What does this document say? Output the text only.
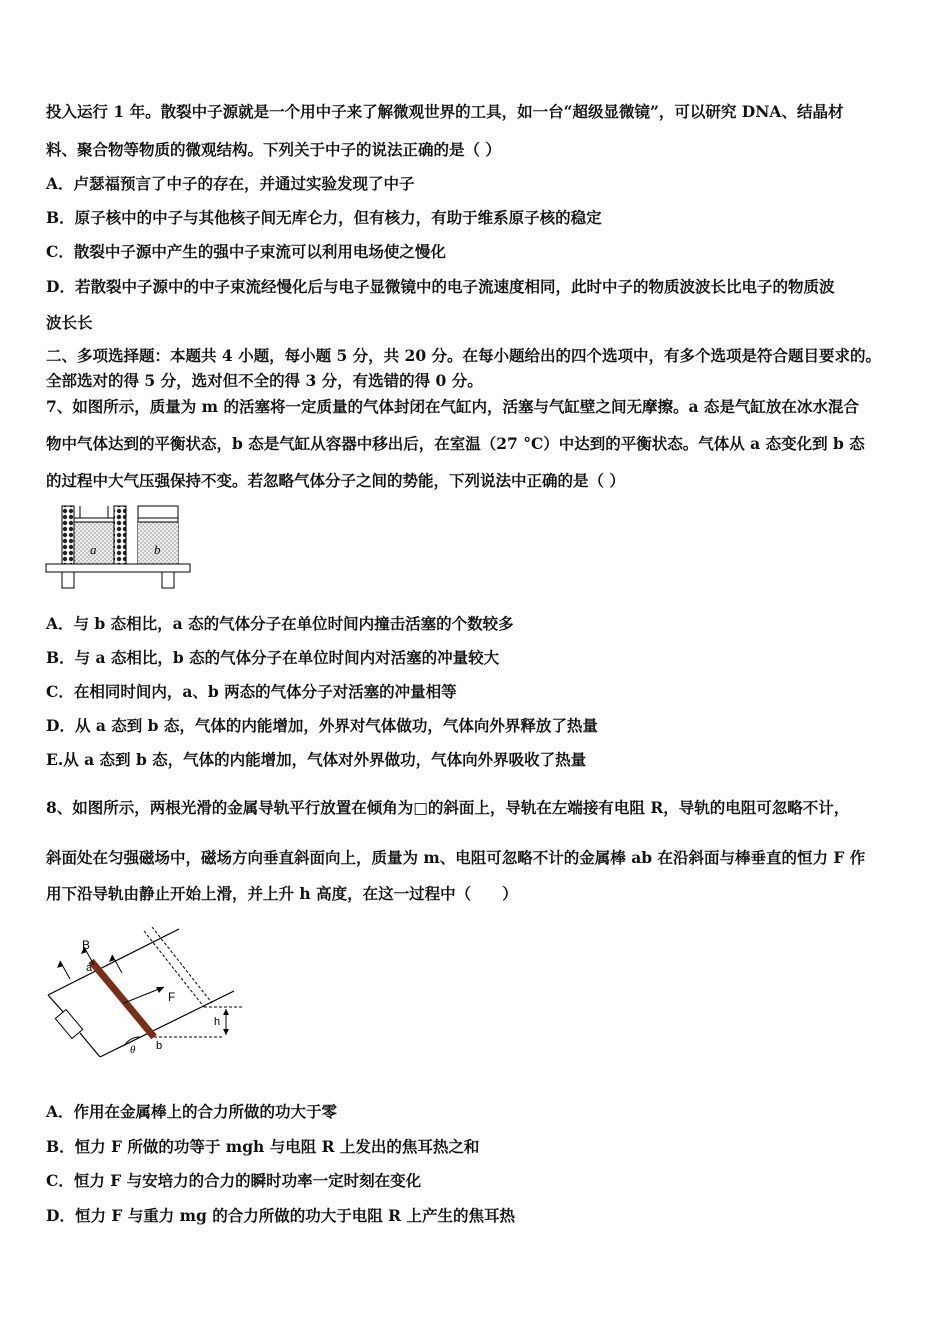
投入运行 1 年。散裂中子源就是一个用中子来了解微观世界的工具，如一台“超级显微镜”，可以研究 DNA、结晶材
料、聚合物等物质的微观结构。下列关于中子的说法正确的是（ ）
A．卢瑟福预言了中子的存在，并通过实验发现了中子
B．原子核中的中子与其他核子间无库仑力，但有核力，有助于维系原子核的稳定
C．散裂中子源中产生的强中子束流可以利用电场使之慢化
D．若散裂中子源中的中子束流经慢化后与电子显微镜中的电子流速度相同，此时中子的物质波波长比电子的物质波
波长长
二、多项选择题：本题共 4 小题，每小题 5 分，共 20 分。在每小题给出的四个选项中，有多个选项是符合题目要求的。
全部选对的得 5 分，选对但不全的得 3 分，有选错的得 0 分。
7、如图所示，质量为 m 的活塞将一定质量的气体封闭在气缸内，活塞与气缸壁之间无摩擦。a 态是气缸放在冰水混合
物中气体达到的平衡状态，b 态是气缸从容器中移出后，在室温（27 °C）中达到的平衡状态。气体从 a 态变化到 b 态
的过程中大气压强保持不变。若忽略气体分子之间的势能，下列说法中正确的是（ ）
a	b
A．与 b 态相比，a 态的气体分子在单位时间内撞击活塞的个数较多
B．与 a 态相比，b 态的气体分子在单位时间内对活塞的冲量较大
C．在相同时间内，a、b 两态的气体分子对活塞的冲量相等
D．从 a 态到 b 态，气体的内能增加，外界对气体做功，气体向外界释放了热量
E.从 a 态到 b 态，气体的内能增加，气体对外界做功，气体向外界吸收了热量
8、如图所示，两根光滑的金属导轨平行放置在倾角为□的斜面上，导轨在左端接有电阻 R，导轨的电阻可忽略不计，
斜面处在匀强磁场中，磁场方向垂直斜面向上，质量为 m、电阻可忽略不计的金属棒 ab 在沿斜面与棒垂直的恒力 F 作
用下沿导轨由静止开始上滑，并上升 h 高度，在这一过程中（　　）
B
F
a
b
h
θ
A．作用在金属棒上的合力所做的功大于零
B．恒力 F 所做的功等于 mgh 与电阻 R 上发出的焦耳热之和
C．恒力 F 与安培力的合力的瞬时功率一定时刻在变化
D．恒力 F 与重力 mg 的合力所做的功大于电阻 R 上产生的焦耳热
